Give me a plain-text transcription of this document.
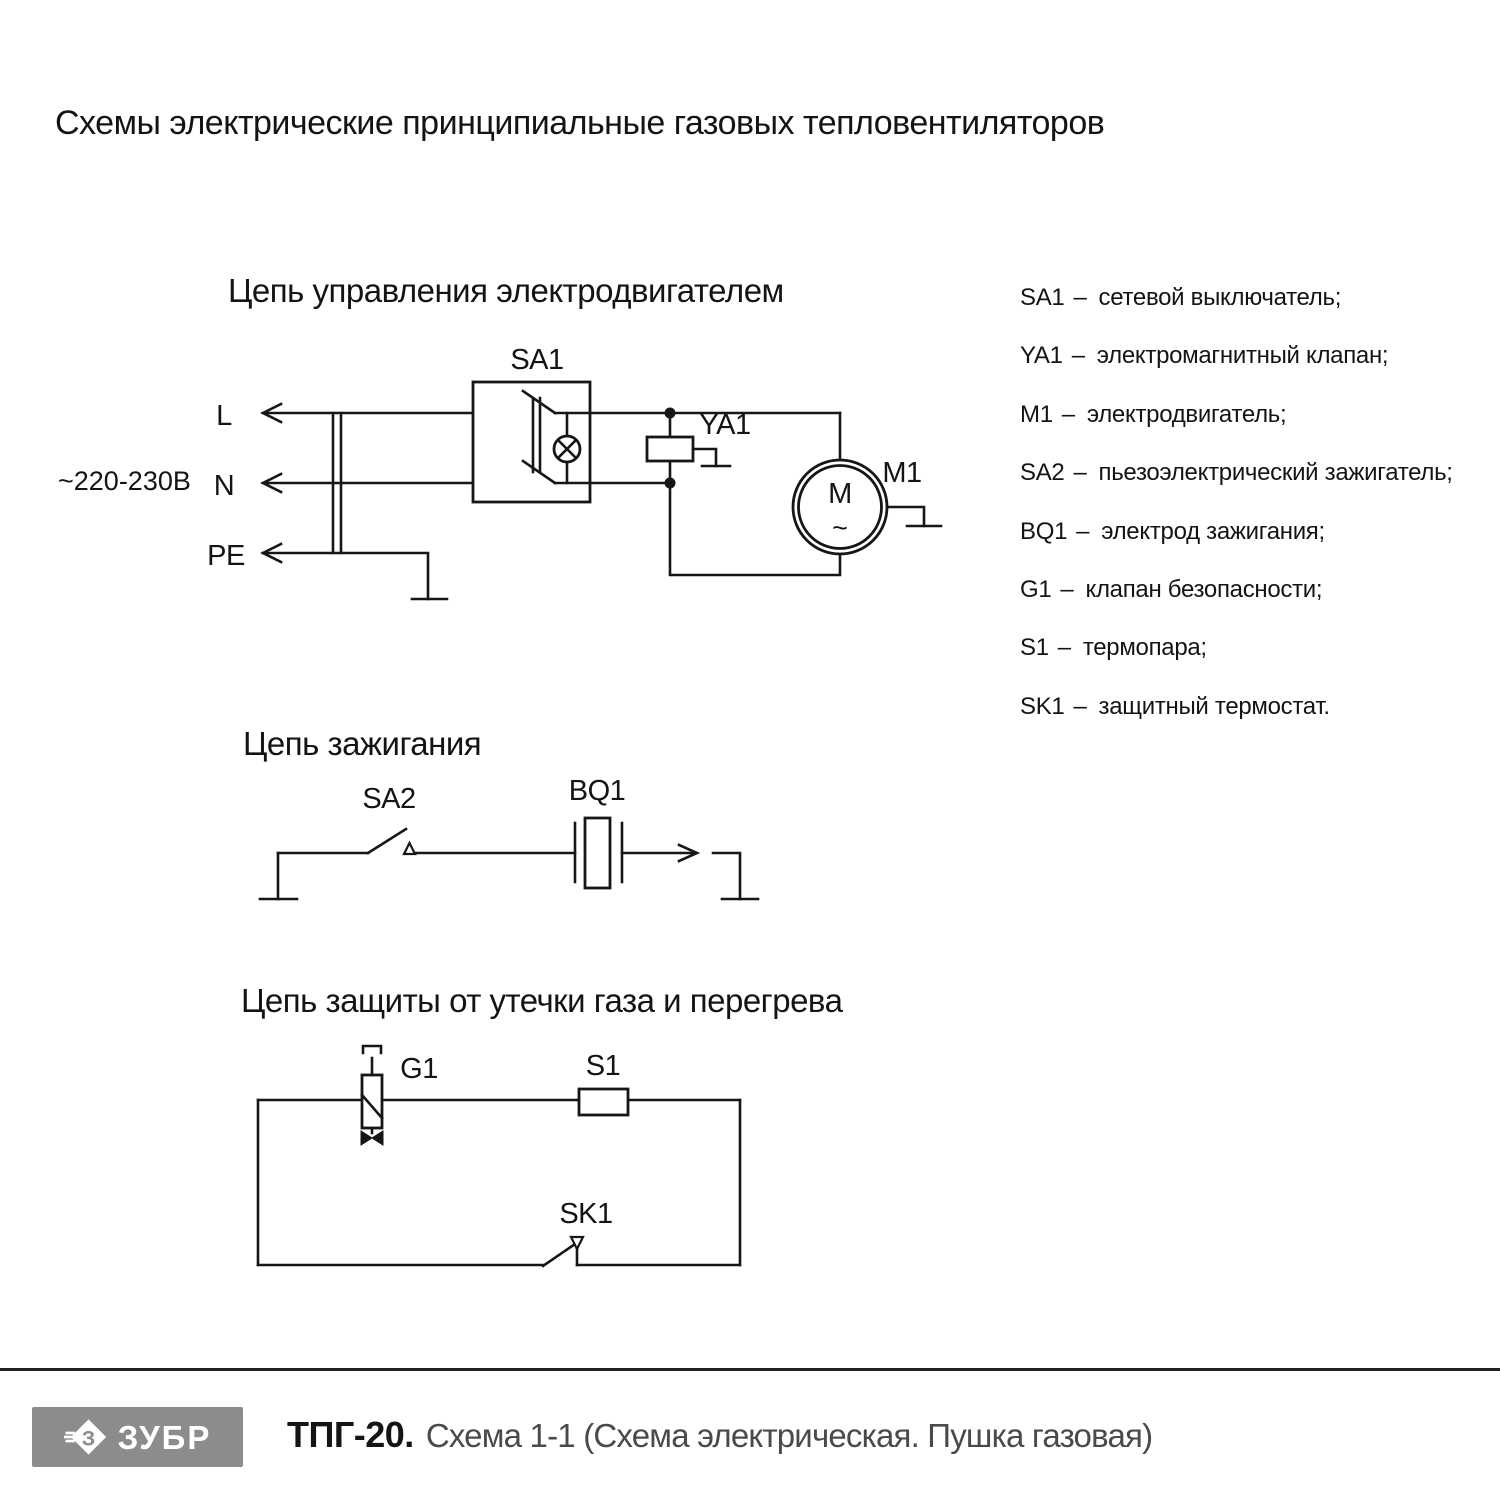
Схемы электрические принципиальные газовых тепловентиляторов
Цепь управления электродвигателем
Цепь зажигания
Цепь защиты от утечки газа и перегрева
SA1 – сетевой выключатель;
YA1 – электромагнитный клапан;
M1 – электродвигатель;
SA2 – пьезоэлектрический зажигатель;
BQ1 – электрод зажигания;
G1 – клапан безопасности;
S1 – термопара;
SK1 – защитный термостат.
M
~
SA1
YA1
M1
L
N
PE
~220-230В
SA2	BQ1
G1	S1
SK1
З ЗУБР ТПГ-20. Схема 1-1 (Схема электрическая. Пушка газовая)
